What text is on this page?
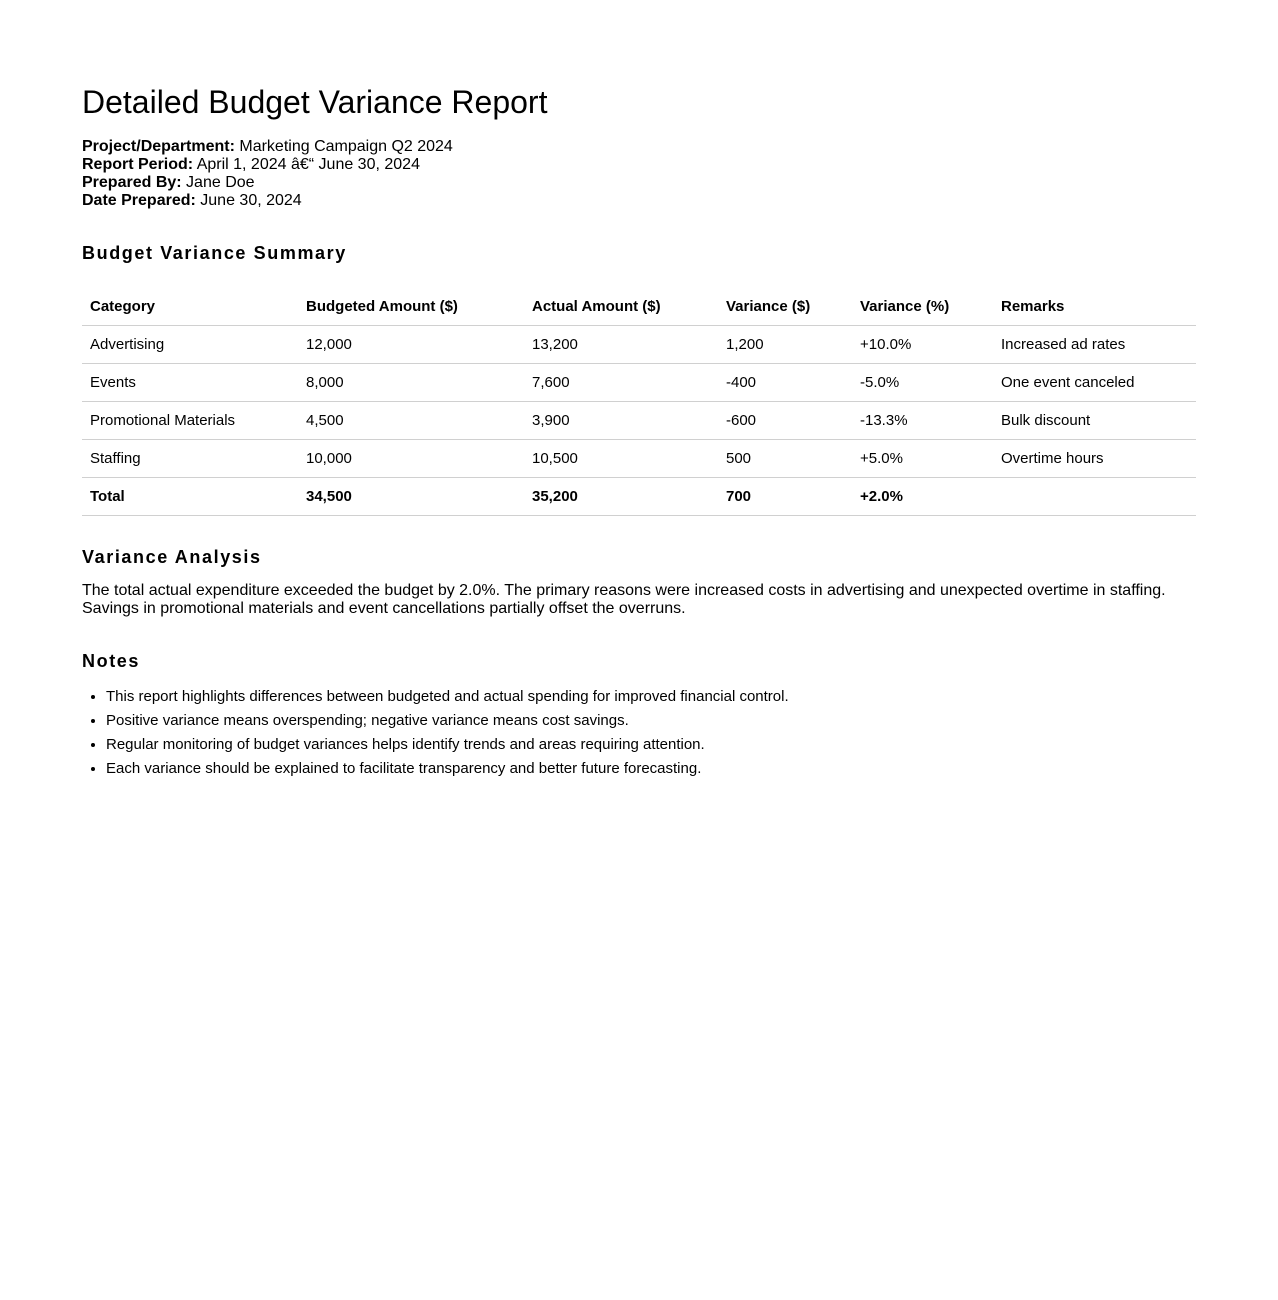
Detailed Budget Variance Report
Project/Department: Marketing Campaign Q2 2024
Report Period: April 1, 2024 â€“ June 30, 2024
Prepared By: Jane Doe
Date Prepared: June 30, 2024
Budget Variance Summary
Category	Budgeted Amount ($)	Actual Amount ($)	Variance ($)	Variance (%)	Remarks
Advertising	12,000	13,200	1,200	+10.0%	Increased ad rates
Events	8,000	7,600	-400	-5.0%	One event canceled
Promotional Materials	4,500	3,900	-600	-13.3%	Bulk discount
Staffing	10,000	10,500	500	+5.0%	Overtime hours
Total	34,500	35,200	700	+2.0%	
Variance Analysis

The total actual expenditure exceeded the budget by 2.0%. The primary reasons were increased costs in advertising and unexpected overtime in staffing. Savings in promotional materials and event cancellations partially offset the overruns.

Notes
• This report highlights differences between budgeted and actual spending for improved financial control.
• Positive variance means overspending; negative variance means cost savings.
• Regular monitoring of budget variances helps identify trends and areas requiring attention.
• Each variance should be explained to facilitate transparency and better future forecasting.
